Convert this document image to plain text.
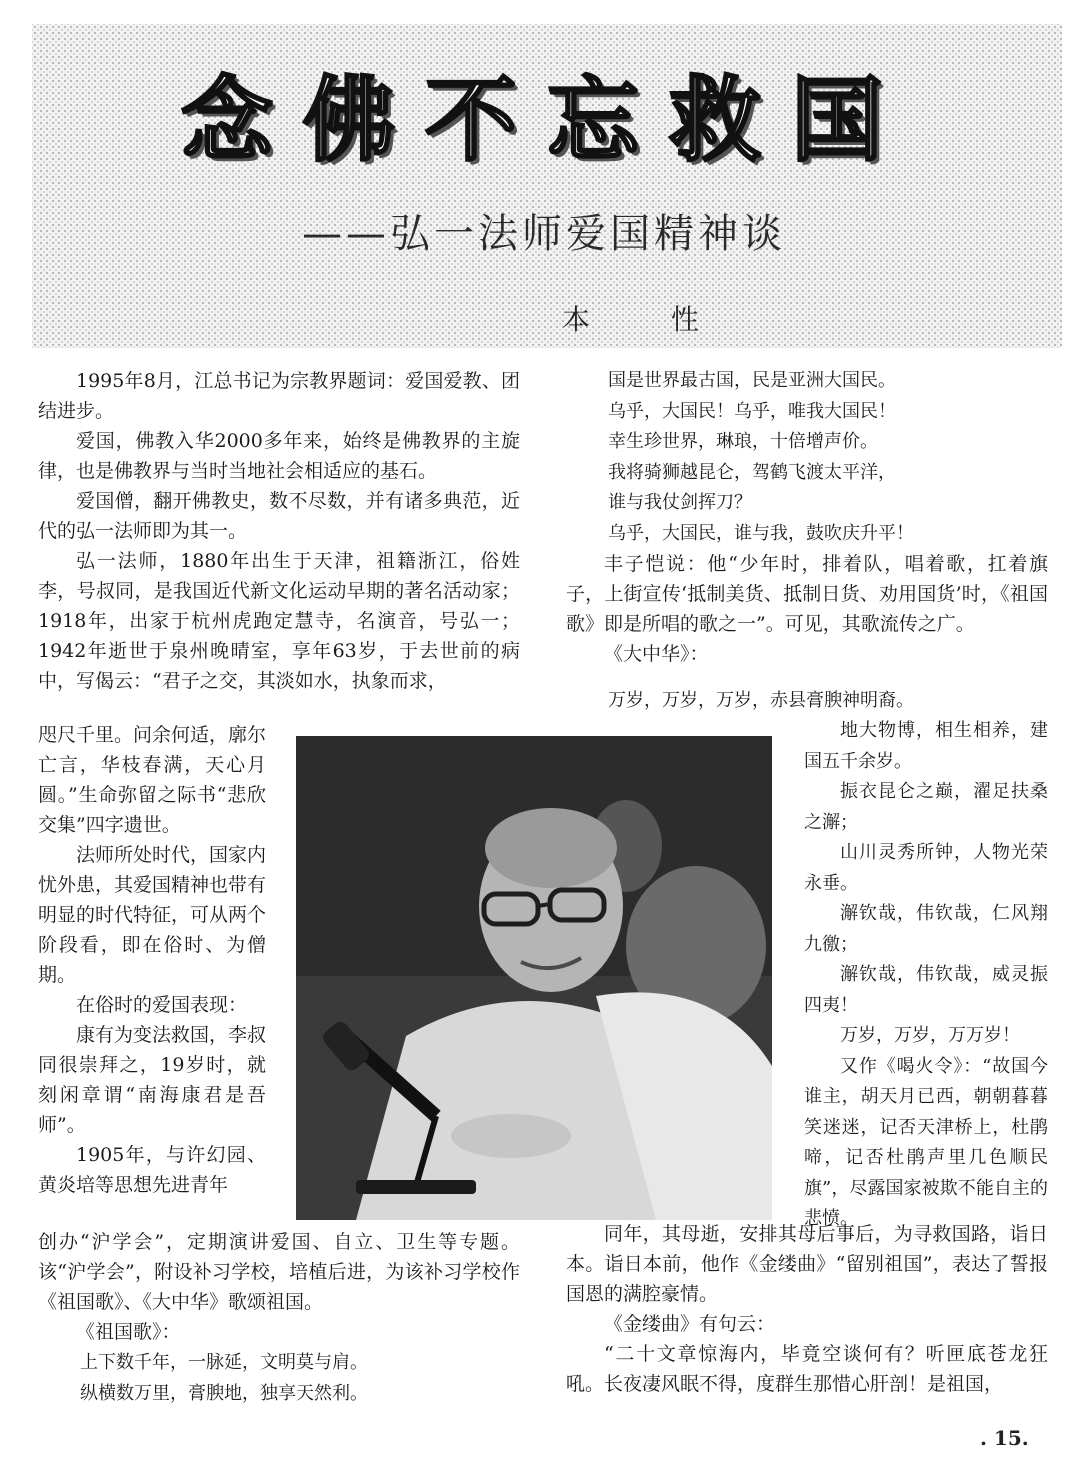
念佛不忘救国
——弘一法师爱国精神谈
本 性

1995年8月，江总书记为宗教界题词：爱国爱教、团结进步。

爱国，佛教入华2000多年来，始终是佛教界的主旋律，也是佛教界与当时当地社会相适应的基石。

爱国僧，翻开佛教史，数不尽数，并有诸多典范，近代的弘一法师即为其一。

弘一法师，1880年出生于天津，祖籍浙江，俗姓李，号叔同，是我国近代新文化运动早期的著名活动家；1918年，出家于杭州虎跑定慧寺，名演音，号弘一；1942年逝世于泉州晚晴室，享年63岁，于去世前的病中，写偈云：“君子之交，其淡如水，执象而求，

咫尺千里。问余何适，廓尔亡言，华枝春满，天心月圆。”生命弥留之际书“悲欣交集”四字遗世。

法师所处时代，国家内忧外患，其爱国精神也带有明显的时代特征，可从两个阶段看，即在俗时、为僧期。

在俗时的爱国表现：

康有为变法救国，李叔同很崇拜之，19岁时，就刻闲章谓“南海康君是吾师”。

1905年，与许幻园、黄炎培等思想先进青年

创办“沪学会”，定期演讲爱国、自立、卫生等专题。该“沪学会”，附设补习学校，培植后进，为该补习学校作《祖国歌》、《大中华》歌颂祖国。

《祖国歌》：

上下数千年，一脉延，文明莫与肩。

纵横数万里，膏腴地，独享天然利。

国是世界最古国，民是亚洲大国民。

乌乎，大国民！乌乎，唯我大国民！

幸生珍世界，琳琅，十倍增声价。

我将骑狮越昆仑，驾鹤飞渡太平洋，

谁与我仗剑挥刀？

乌乎，大国民，谁与我，鼓吹庆升平！

丰子恺说：他“少年时，排着队，唱着歌，扛着旗子，上街宣传‘抵制美货、抵制日货、劝用国货’时，《祖国歌》即是所唱的歌之一”。可见，其歌流传之广。

《大中华》：

万岁，万岁，万岁，赤县膏腴神明裔。

地大物博，相生相养，建国五千余岁。

振衣昆仑之巅，濯足扶桑之澥；

山川灵秀所钟，人物光荣永垂。

澥钦哉，伟钦哉，仁风翔九徼；

澥钦哉，伟钦哉，威灵振四夷！

万岁，万岁，万万岁！

又作《喝火令》：“故国今谁主，胡天月已西，朝朝暮暮笑迷迷，记否天津桥上，杜鹃啼，记否杜鹃声里几色顺民旗”，尽露国家被欺不能自主的悲愤。

同年，其母逝，安排其母后事后，为寻救国路，诣日本。诣日本前，他作《金缕曲》“留别祖国”，表达了誓报国恩的满腔豪情。

《金缕曲》有句云：

“二十文章惊海内，毕竟空谈何有？听匣底苍龙狂吼。长夜凄风眠不得，度群生那惜心肝剖！是祖国，

. 15.
